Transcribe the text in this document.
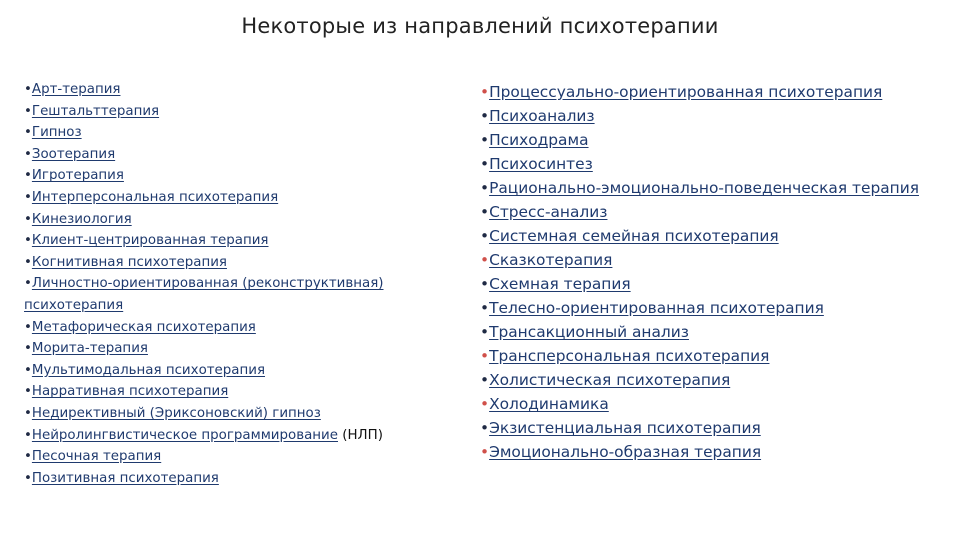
Некоторые из направлений психотерапии
•Арт-терапия
•Гештальттерапия
•Гипноз
•Зоотерапия
•Игротерапия
•Интерперсональная психотерапия
•Кинезиология
•Клиент-центрированная терапия
•Когнитивная психотерапия
•Личностно-ориентированная (реконструктивная) психотерапия
•Метафорическая психотерапия
•Морита-терапия
•Мультимодальная психотерапия
•Нарративная психотерапия
•Недирективный (Эриксоновский) гипноз
•Нейролингвистическое программирование (НЛП)
•Песочная терапия
•Позитивная психотерапия
•Процессуально-ориентированная психотерапия
•Психоанализ
•Психодрама
•Психосинтез
•Рационально-эмоционально-поведенческая терапия
•Стресс-анализ
•Системная семейная психотерапия
•Сказкотерапия
•Схемная терапия
•Телесно-ориентированная психотерапия
•Трансакционный анализ
•Трансперсональная психотерапия
•Холистическая психотерапия
•Холодинамика
•Экзистенциальная психотерапия
•Эмоционально-образная терапия
